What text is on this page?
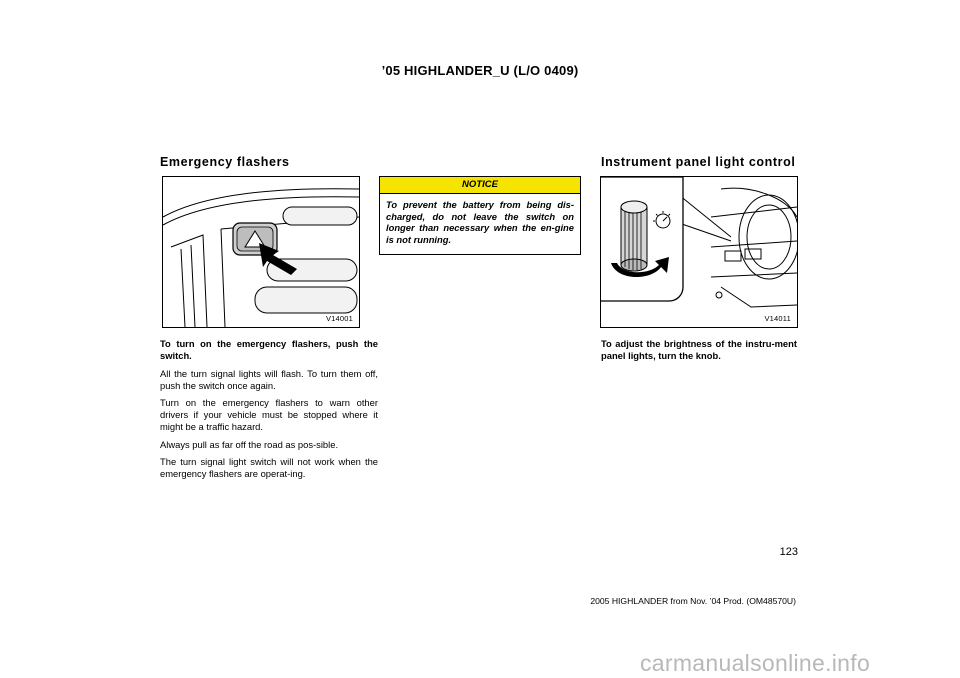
’05 HIGHLANDER_U (L/O 0409)
Emergency flashers
V14001

To turn on the emergency flashers, push the switch.

All the turn signal lights will flash. To turn them off, push the switch once again.

Turn on the emergency flashers to warn other drivers if your vehicle must be stopped where it might be a traffic hazard.

Always pull as far off the road as pos-sible.

The turn signal light switch will not work when the emergency flashers are operat-ing.

NOTICE
To prevent the battery from being dis-charged, do not leave the switch on longer than necessary when the en-gine is not running.
Instrument panel light control
V14011

To adjust the brightness of the instru-ment panel lights, turn the knob.

123
2005 HIGHLANDER from Nov. ’04 Prod. (OM48570U)
carmanualsonline.info
